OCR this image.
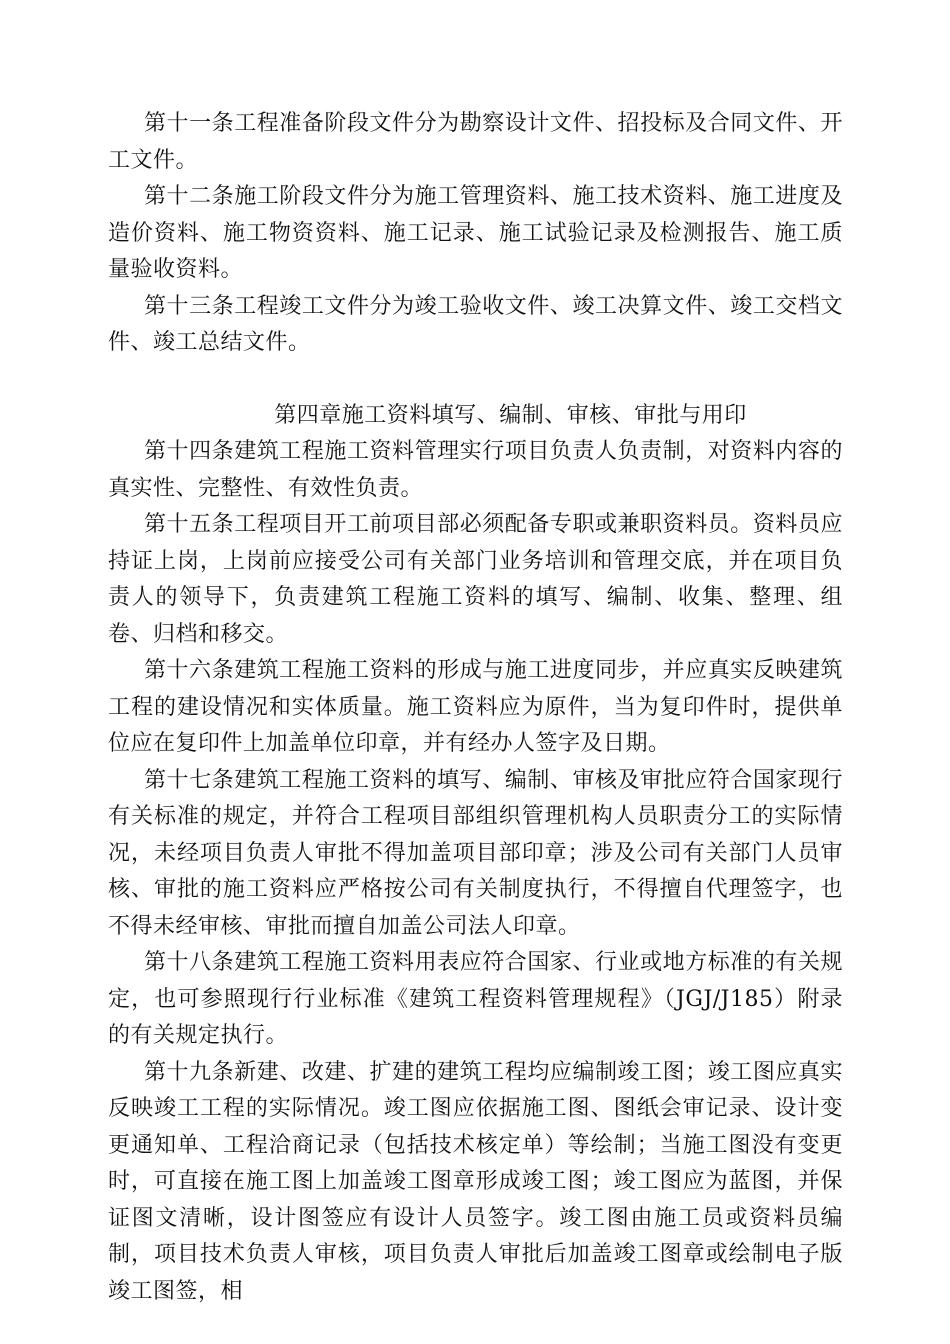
第十一条工程准备阶段文件分为勘察设计文件、招投标及合同文件、开工文件。

第十二条施工阶段文件分为施工管理资料、施工技术资料、施工进度及造价资料、施工物资资料、施工记录、施工试验记录及检测报告、施工质量验收资料。

第十三条工程竣工文件分为竣工验收文件、竣工决算文件、竣工交档文件、竣工总结文件。

第四章施工资料填写、编制、审核、审批与用印

第十四条建筑工程施工资料管理实行项目负责人负责制，对资料内容的真实性、完整性、有效性负责。

第十五条工程项目开工前项目部必须配备专职或兼职资料员。资料员应持证上岗，上岗前应接受公司有关部门业务培训和管理交底，并在项目负责人的领导下，负责建筑工程施工资料的填写、编制、收集、整理、组卷、归档和移交。

第十六条建筑工程施工资料的形成与施工进度同步，并应真实反映建筑工程的建设情况和实体质量。施工资料应为原件，当为复印件时，提供单位应在复印件上加盖单位印章，并有经办人签字及日期。

第十七条建筑工程施工资料的填写、编制、审核及审批应符合国家现行有关标准的规定，并符合工程项目部组织管理机构人员职责分工的实际情况，未经项目负责人审批不得加盖项目部印章；涉及公司有关部门人员审核、审批的施工资料应严格按公司有关制度执行，不得擅自代理签字，也不得未经审核、审批而擅自加盖公司法人印章。

第十八条建筑工程施工资料用表应符合国家、行业或地方标准的有关规定，也可参照现行行业标准《建筑工程资料管理规程》（JGJ/J185）附录的有关规定执行。

第十九条新建、改建、扩建的建筑工程均应编制竣工图；竣工图应真实反映竣工工程的实际情况。竣工图应依据施工图、图纸会审记录、设计变更通知单、工程洽商记录（包括技术核定单）等绘制；当施工图没有变更时，可直接在施工图上加盖竣工图章形成竣工图；竣工图应为蓝图，并保证图文清晰，设计图签应有设计人员签字。竣工图由施工员或资料员编制，项目技术负责人审核，项目负责人审批后加盖竣工图章或绘制电子版竣工图签，相
